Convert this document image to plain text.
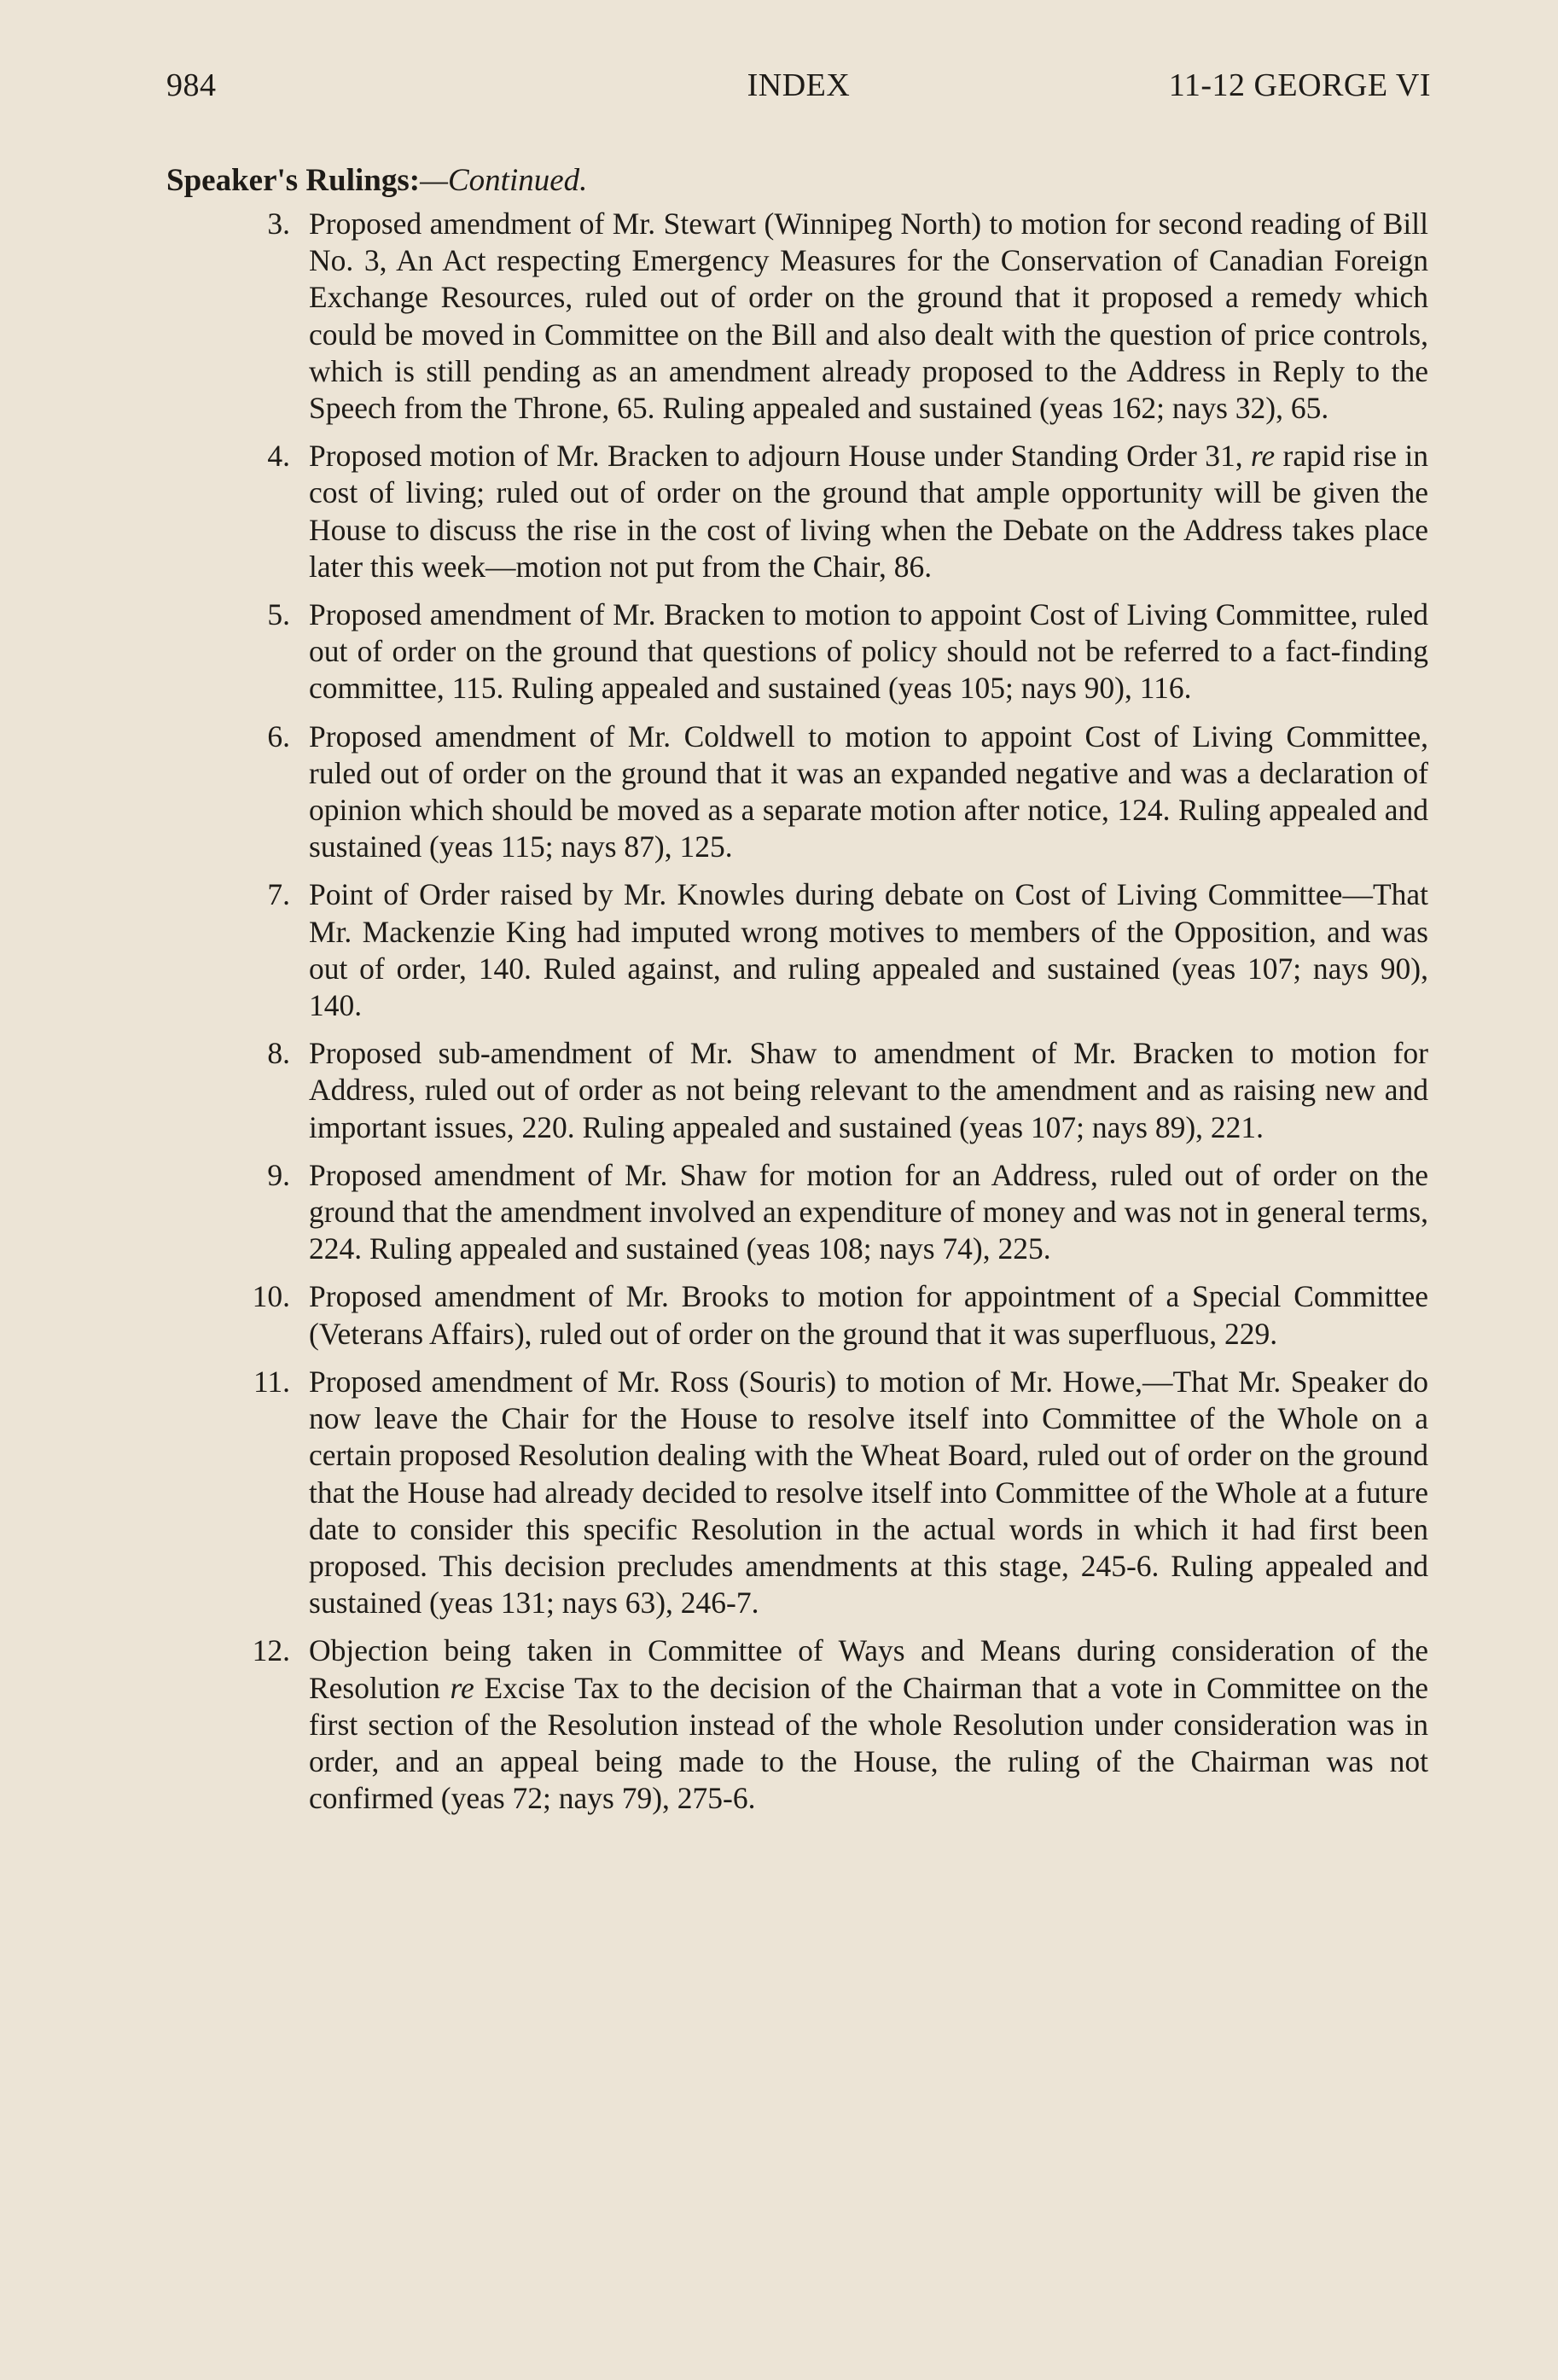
984	INDEX	11-12 GEORGE VI
Speaker's Rulings:—Continued.
3. Proposed amendment of Mr. Stewart (Winnipeg North) to motion for second reading of Bill No. 3, An Act respecting Emergency Measures for the Conservation of Canadian Foreign Exchange Resources, ruled out of order on the ground that it proposed a remedy which could be moved in Committee on the Bill and also dealt with the question of price controls, which is still pending as an amendment already proposed to the Address in Reply to the Speech from the Throne, 65. Ruling appealed and sustained (yeas 162; nays 32), 65.
4. Proposed motion of Mr. Bracken to adjourn House under Standing Order 31, re rapid rise in cost of living; ruled out of order on the ground that ample opportunity will be given the House to discuss the rise in the cost of living when the Debate on the Address takes place later this week—motion not put from the Chair, 86.
5. Proposed amendment of Mr. Bracken to motion to appoint Cost of Living Committee, ruled out of order on the ground that questions of policy should not be referred to a fact-finding committee, 115. Ruling appealed and sustained (yeas 105; nays 90), 116.
6. Proposed amendment of Mr. Coldwell to motion to appoint Cost of Living Committee, ruled out of order on the ground that it was an expanded negative and was a declaration of opinion which should be moved as a separate motion after notice, 124. Ruling appealed and sustained (yeas 115; nays 87), 125.
7. Point of Order raised by Mr. Knowles during debate on Cost of Living Committee—That Mr. Mackenzie King had imputed wrong motives to members of the Opposition, and was out of order, 140. Ruled against, and ruling appealed and sustained (yeas 107; nays 90), 140.
8. Proposed sub-amendment of Mr. Shaw to amendment of Mr. Bracken to motion for Address, ruled out of order as not being relevant to the amendment and as raising new and important issues, 220. Ruling appealed and sustained (yeas 107; nays 89), 221.
9. Proposed amendment of Mr. Shaw for motion for an Address, ruled out of order on the ground that the amendment involved an expenditure of money and was not in general terms, 224. Ruling appealed and sustained (yeas 108; nays 74), 225.
10. Proposed amendment of Mr. Brooks to motion for appointment of a Special Committee (Veterans Affairs), ruled out of order on the ground that it was superfluous, 229.
11. Proposed amendment of Mr. Ross (Souris) to motion of Mr. Howe,—That Mr. Speaker do now leave the Chair for the House to resolve itself into Committee of the Whole on a certain proposed Resolution dealing with the Wheat Board, ruled out of order on the ground that the House had already decided to resolve itself into Committee of the Whole at a future date to consider this specific Resolution in the actual words in which it had first been proposed. This decision precludes amendments at this stage, 245-6. Ruling appealed and sustained (yeas 131; nays 63), 246-7.
12. Objection being taken in Committee of Ways and Means during consideration of the Resolution re Excise Tax to the decision of the Chairman that a vote in Committee on the first section of the Resolution instead of the whole Resolution under consideration was in order, and an appeal being made to the House, the ruling of the Chairman was not confirmed (yeas 72; nays 79), 275-6.
